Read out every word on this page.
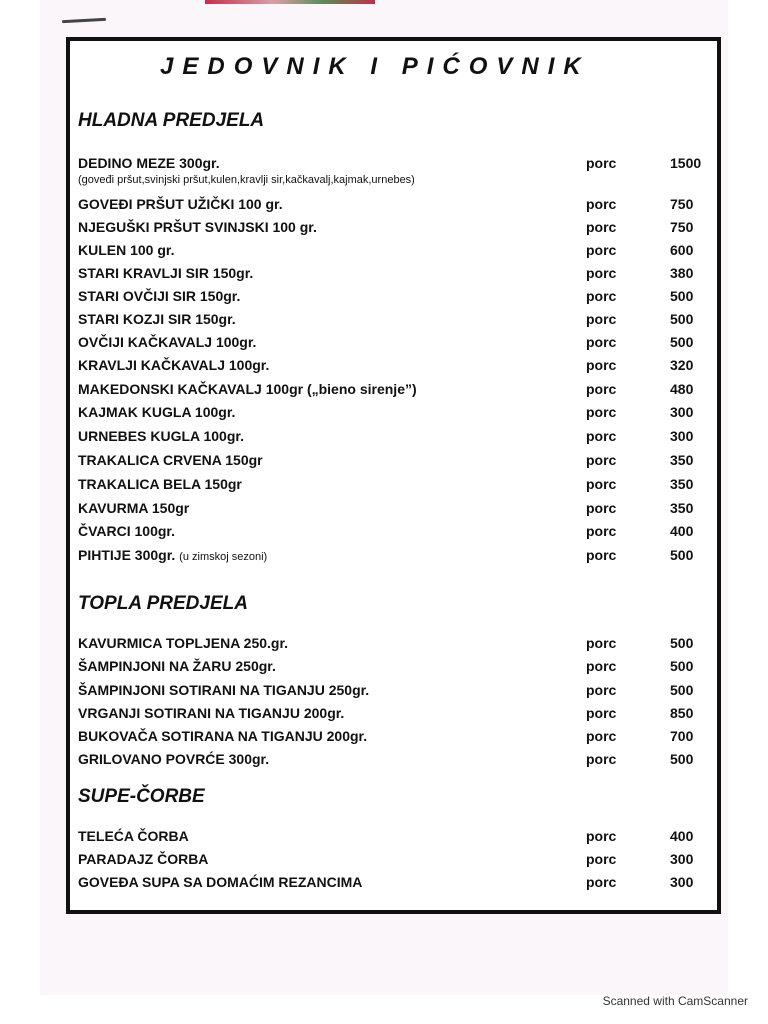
JEDOVNIK I PIĆOVNIK
HLADNA PREDJELA
DEDINO MEZE 300gr.	porc	1500
(goveđi pršut,svinjski pršut,kulen,kravlji sir,kačkavalj,kajmak,urnebes)
GOVEĐI PRŠUT UŽIČKI 100 gr.	porc	750
NJEGUŠKI PRŠUT SVINJSKI 100 gr.	porc	750
KULEN 100 gr.	porc	600
STARI KRAVLJI SIR 150gr.	porc	380
STARI OVČIJI SIR 150gr.	porc	500
STARI KOZJI SIR 150gr.	porc	500
OVČIJI KAČKAVALJ 100gr.	porc	500
KRAVLJI KAČKAVALJ 100gr.	porc	320
MAKEDONSKI KAČKAVALJ 100gr („bieno sirenje”)	porc	480
KAJMAK KUGLA 100gr.	porc	300
URNEBES KUGLA 100gr.	porc	300
TRAKALICA CRVENA 150gr	porc	350
TRAKALICA BELA 150gr	porc	350
KAVURMA 150gr	porc	350
ČVARCI 100gr.	porc	400
PIHTIJE 300gr. (u zimskoj sezoni)	porc	500
TOPLA PREDJELA
KAVURMICA TOPLJENA 250.gr.	porc	500
ŠAMPINJONI NA ŽARU 250gr.	porc	500
ŠAMPINJONI SOTIRANI NA TIGANJU 250gr.	porc	500
VRGANJI SOTIRANI NA TIGANJU 200gr.	porc	850
BUKOVAČA SOTIRANA NA TIGANJU 200gr.	porc	700
GRILOVANO POVRĆE 300gr.	porc	500
SUPE-ČORBE
TELEĆA ČORBA	porc	400
PARADAJZ ČORBA	porc	300
GOVEĐA SUPA SA DOMAĆIM REZANCIMA	porc	300
Scanned with CamScanner
